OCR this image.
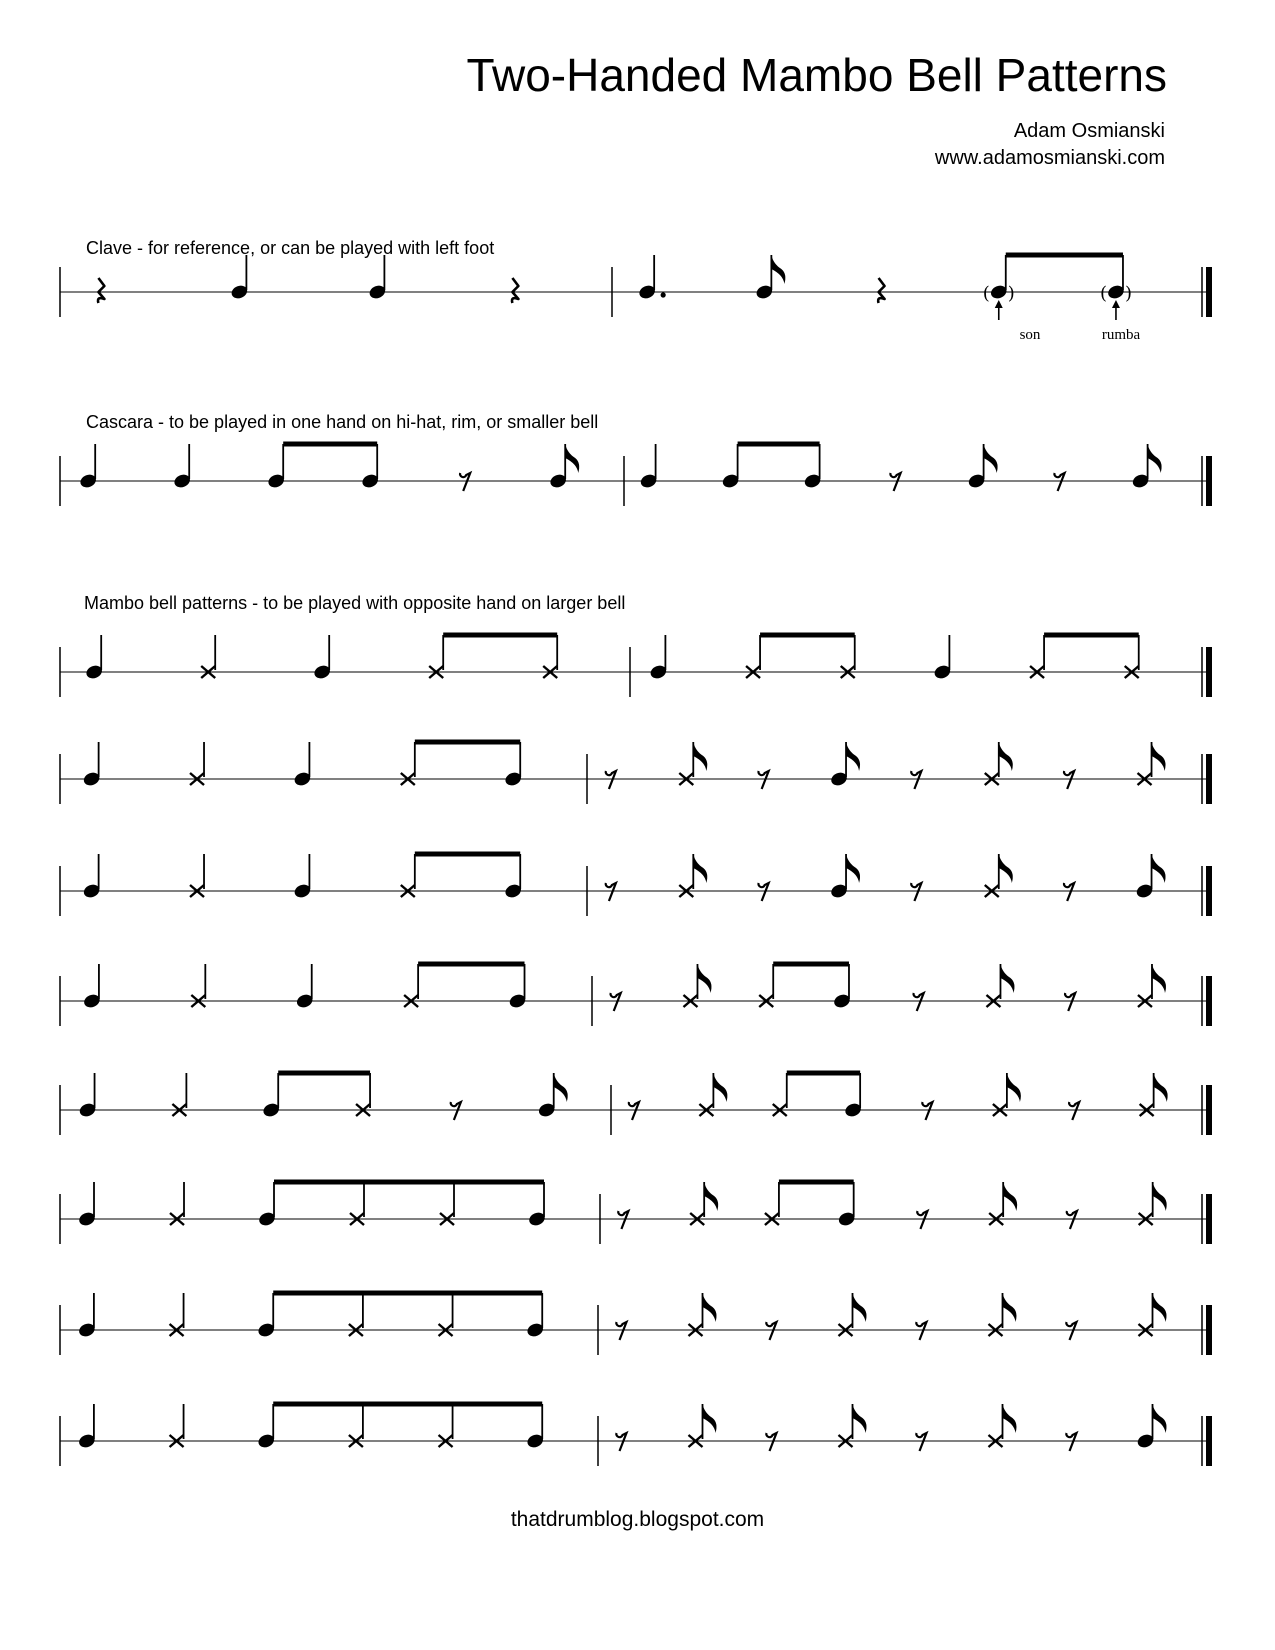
Two-Handed Mambo Bell Patterns
Adam Osmianski
www.adamosmianski.com
Clave - for reference, or can be played with left foot
Cascara - to be played in one hand on hi-hat, rim, or smaller bell
Mambo bell patterns - to be played with opposite hand on larger bell
son	rumba
( )	( )
thatdrumblog.blogspot.com
